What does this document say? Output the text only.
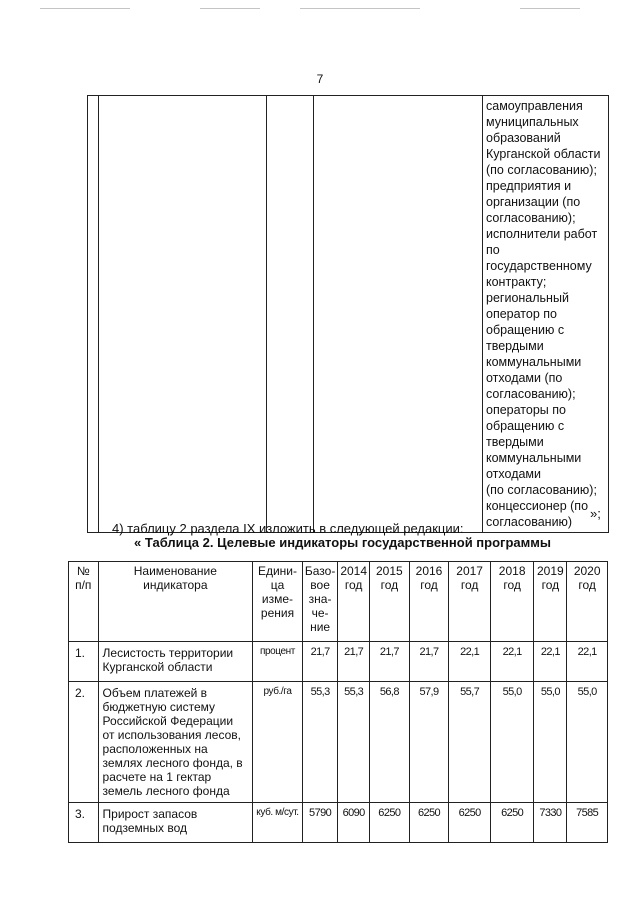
7

самоуправления
муниципальных
образований
Курганской области
(по согласованию);
предприятия и
организации (по
согласованию);
исполнители работ
по
государственному
контракту;
региональный
оператор по
обращению с
твердыми
коммунальными
отходами (по
согласованию);
операторы по
обращению с
твердыми
коммунальными
отходами
(по согласованию);
концессионер (по
согласованию)
»;
4) таблицу 2 раздела IX изложить в следующей редакции:
« Таблица 2. Целевые индикаторы государственной программы
№ п/п	Наименование индикатора	Едини-ца изме-рения	Базо-
вое
зна-
че-
ние	2014 год	2015 год	2016 год	2017 год	2018 год	2019 год	2020 год
1.	Лесистость территории Курганской области	процент	21,7	21,7	21,7	21,7	22,1	22,1	22,1	22,1
2.	Объем платежей в бюджетную систему Российской Федерации от использования лесов, расположенных на землях лесного фонда, в расчете на 1 гектар земель лесного фонда	руб./га	55,3	55,3	56,8	57,9	55,7	55,0	55,0	55,0
3.	Прирост запасов подземных вод	куб. м/сут.	5790	6090	6250	6250	6250	6250	7330	7585
